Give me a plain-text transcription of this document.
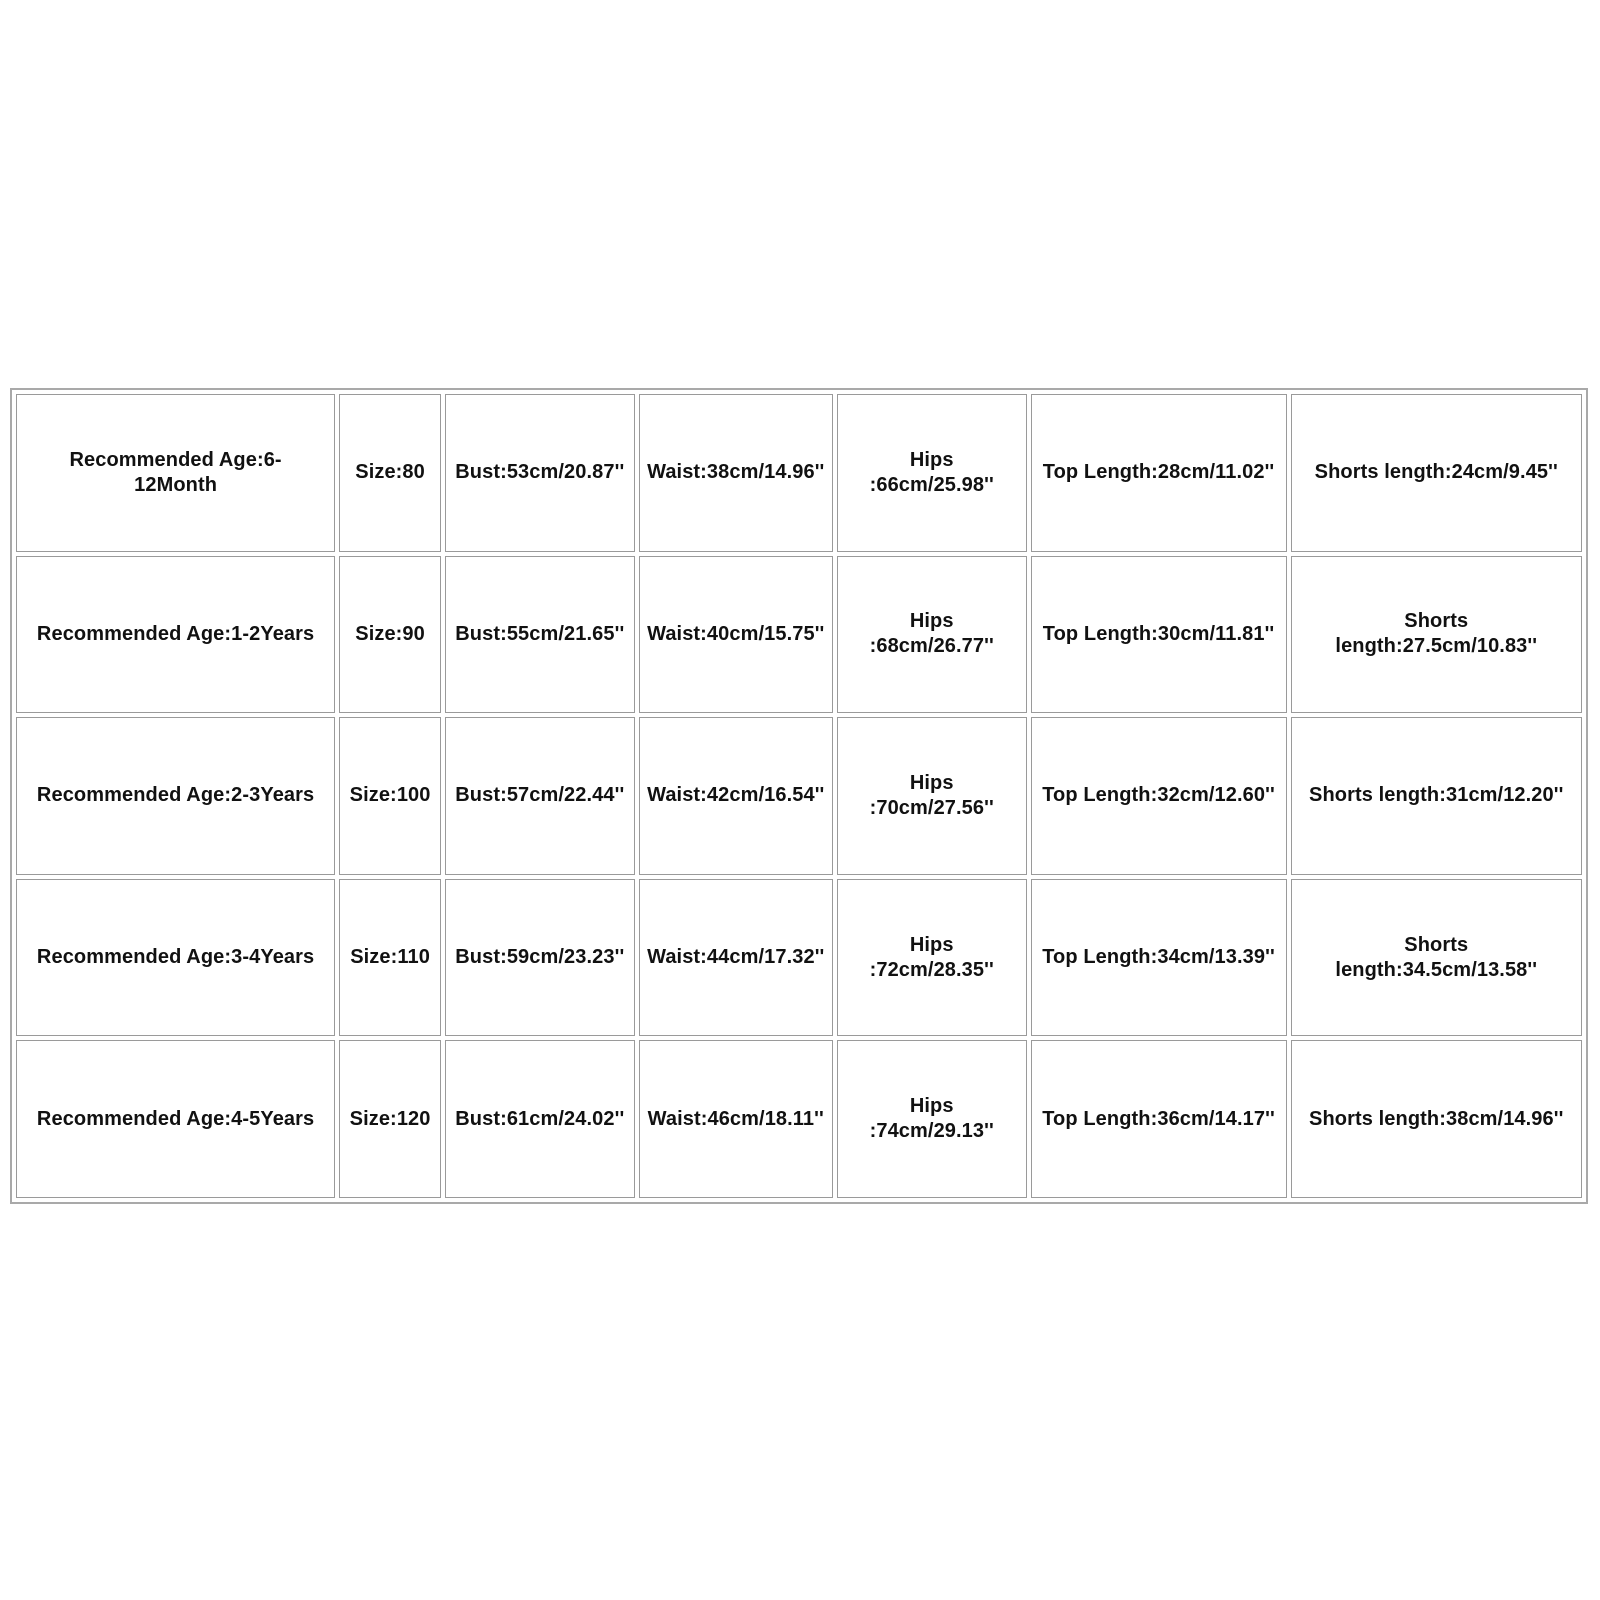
Recommended Age:6-
12Month	Size:80	Bust:53cm/20.87''	Waist:38cm/14.96''	Hips
:66cm/25.98''	Top Length:28cm/11.02''	Shorts length:24cm/9.45''
Recommended Age:1-2Years	Size:90	Bust:55cm/21.65''	Waist:40cm/15.75''	Hips
:68cm/26.77''	Top Length:30cm/11.81''	Shorts
length:27.5cm/10.83''
Recommended Age:2-3Years	Size:100	Bust:57cm/22.44''	Waist:42cm/16.54''	Hips
:70cm/27.56''	Top Length:32cm/12.60''	Shorts length:31cm/12.20''
Recommended Age:3-4Years	Size:110	Bust:59cm/23.23''	Waist:44cm/17.32''	Hips
:72cm/28.35''	Top Length:34cm/13.39''	Shorts
length:34.5cm/13.58''
Recommended Age:4-5Years	Size:120	Bust:61cm/24.02''	Waist:46cm/18.11''	Hips
:74cm/29.13''	Top Length:36cm/14.17''	Shorts length:38cm/14.96''
